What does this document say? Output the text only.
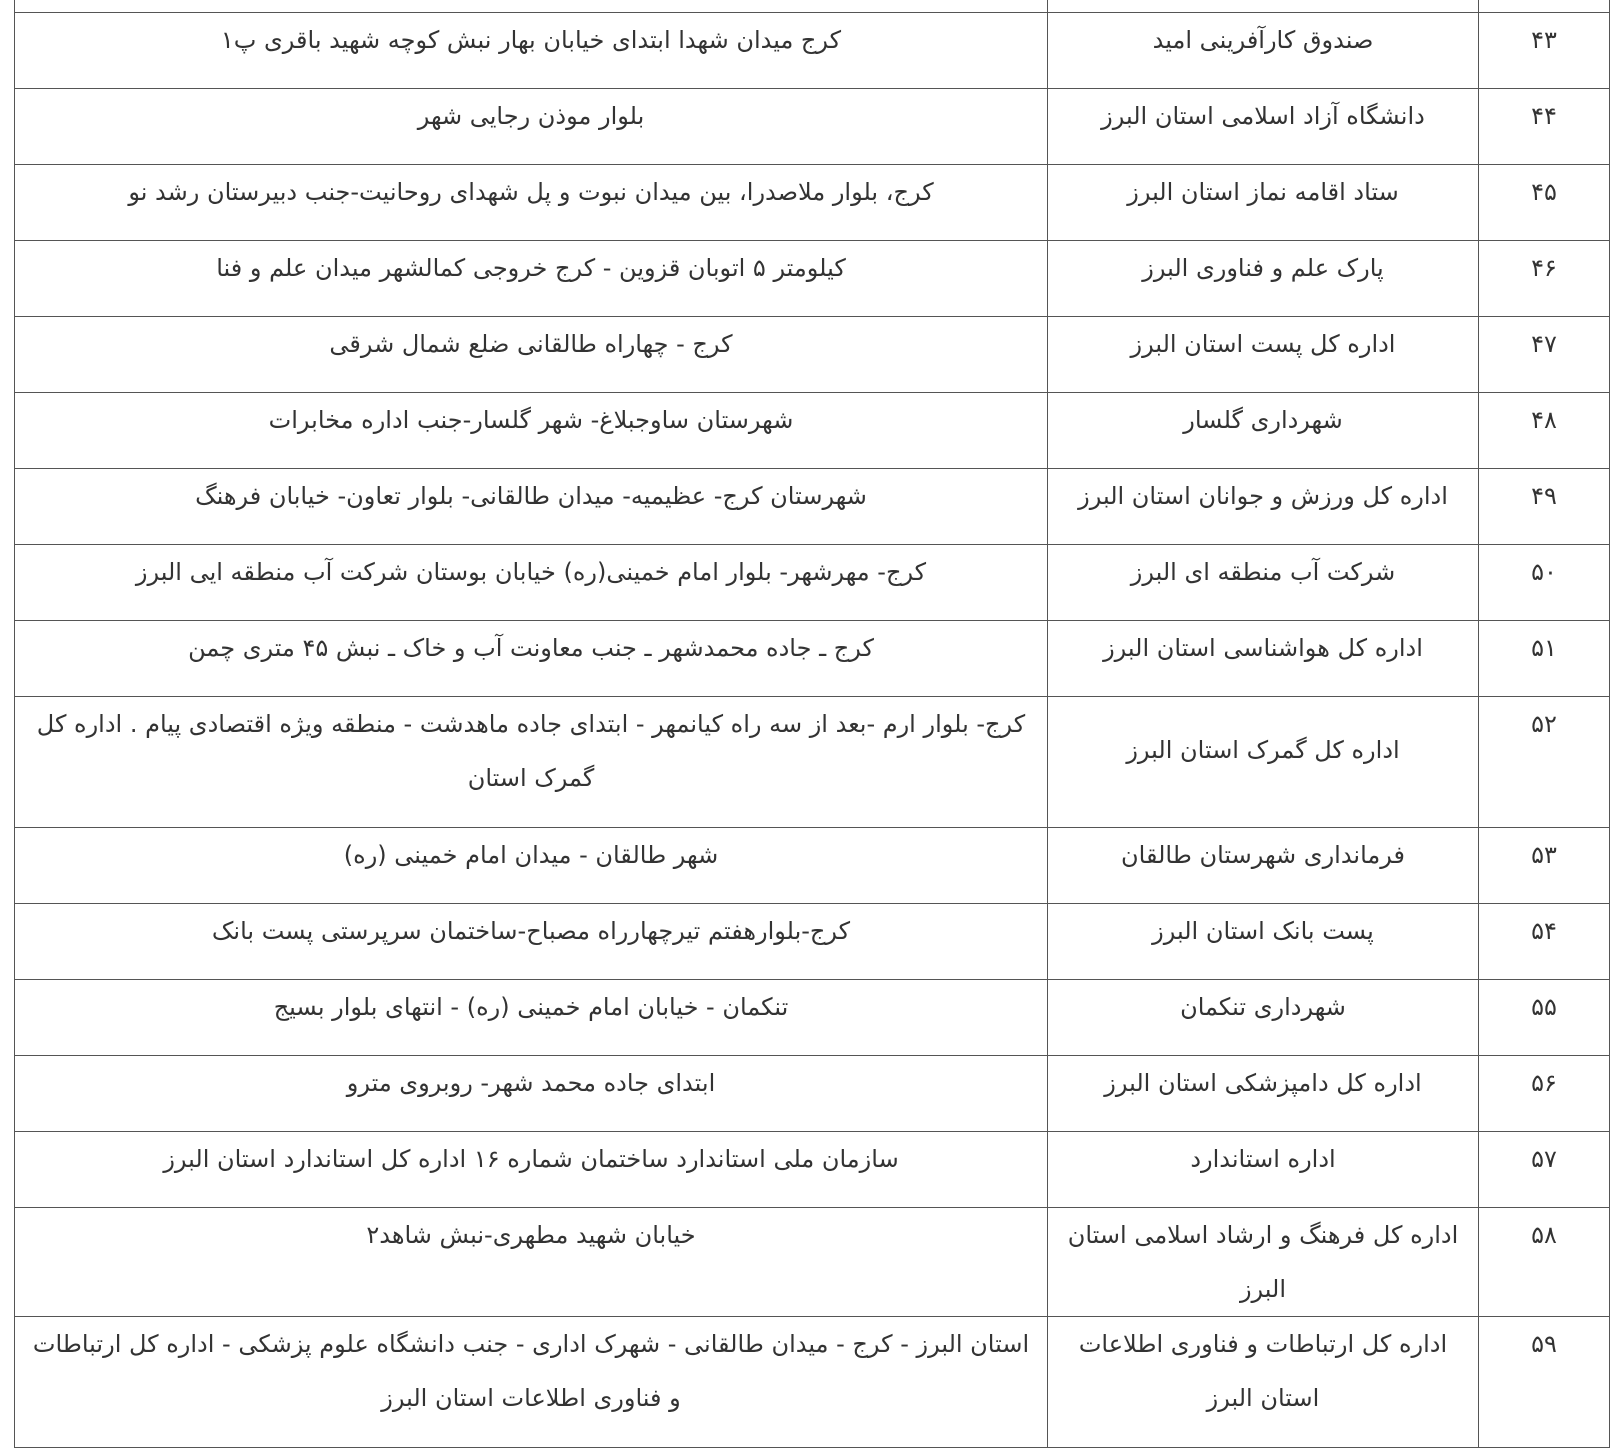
۴۳	صندوق کارآفرینی امید	کرج میدان شهدا ابتدای خیابان بهار نبش کوچه شهید باقری پ۱
۴۴	دانشگاه آزاد اسلامی استان البرز	بلوار موذن رجایی شهر
۴۵	ستاد اقامه نماز استان البرز	کرج، بلوار ملاصدرا، بین میدان نبوت و پل شهدای روحانیت-جنب دبیرستان رشد نو
۴۶	پارک علم و فناوری البرز	کیلومتر ۵ اتوبان قزوین - کرج خروجی کمالشهر میدان علم و فنا
۴۷	اداره کل پست استان البرز	کرج - چهاراه طالقانی ضلع شمال شرقی
۴۸	شهرداری گلسار	شهرستان ساوجبلاغ- شهر گلسار-جنب اداره مخابرات
۴۹	اداره کل ورزش و جوانان استان البرز	شهرستان کرج- عظیمیه- میدان طالقانی- بلوار تعاون- خیابان فرهنگ
۵۰	شرکت آب منطقه ای البرز	کرج- مهرشهر- بلوار امام خمینی(ره) خیابان بوستان شرکت آب منطقه ایی البرز
۵۱	اداره کل هواشناسی استان البرز	کرج ـ جاده محمدشهر ـ جنب معاونت آب و خاک ـ نبش ۴۵ متری چمن
۵۲	اداره کل گمرک استان البرز	کرج- بلوار ارم -بعد از سه راه کیانمهر - ابتدای جاده ماهدشت - منطقه ویژه اقتصادی پیام . اداره کل گمرک استان
۵۳	فرمانداری شهرستان طالقان	شهر طالقان - میدان امام خمینی (ره)
۵۴	پست بانک استان البرز	کرج-بلوارهفتم تیرچهارراه مصباح-ساختمان سرپرستی پست بانک
۵۵	شهرداری تنکمان	تنکمان - خیابان امام خمینی (ره) - انتهای بلوار بسیج
۵۶	اداره کل دامپزشکی استان البرز	ابتدای جاده محمد شهر- روبروی مترو
۵۷	اداره استاندارد	سازمان ملی استاندارد ساختمان شماره ۱۶ اداره کل استاندارد استان البرز
۵۸	اداره کل فرهنگ و ارشاد اسلامی استان البرز	خیابان شهید مطهری-نبش شاهد۲
۵۹	اداره کل ارتباطات و فناوری اطلاعات استان البرز	استان البرز - کرج - میدان طالقانی - شهرک اداری - جنب دانشگاه علوم پزشکی - اداره کل ارتباطات و فناوری اطلاعات استان البرز
